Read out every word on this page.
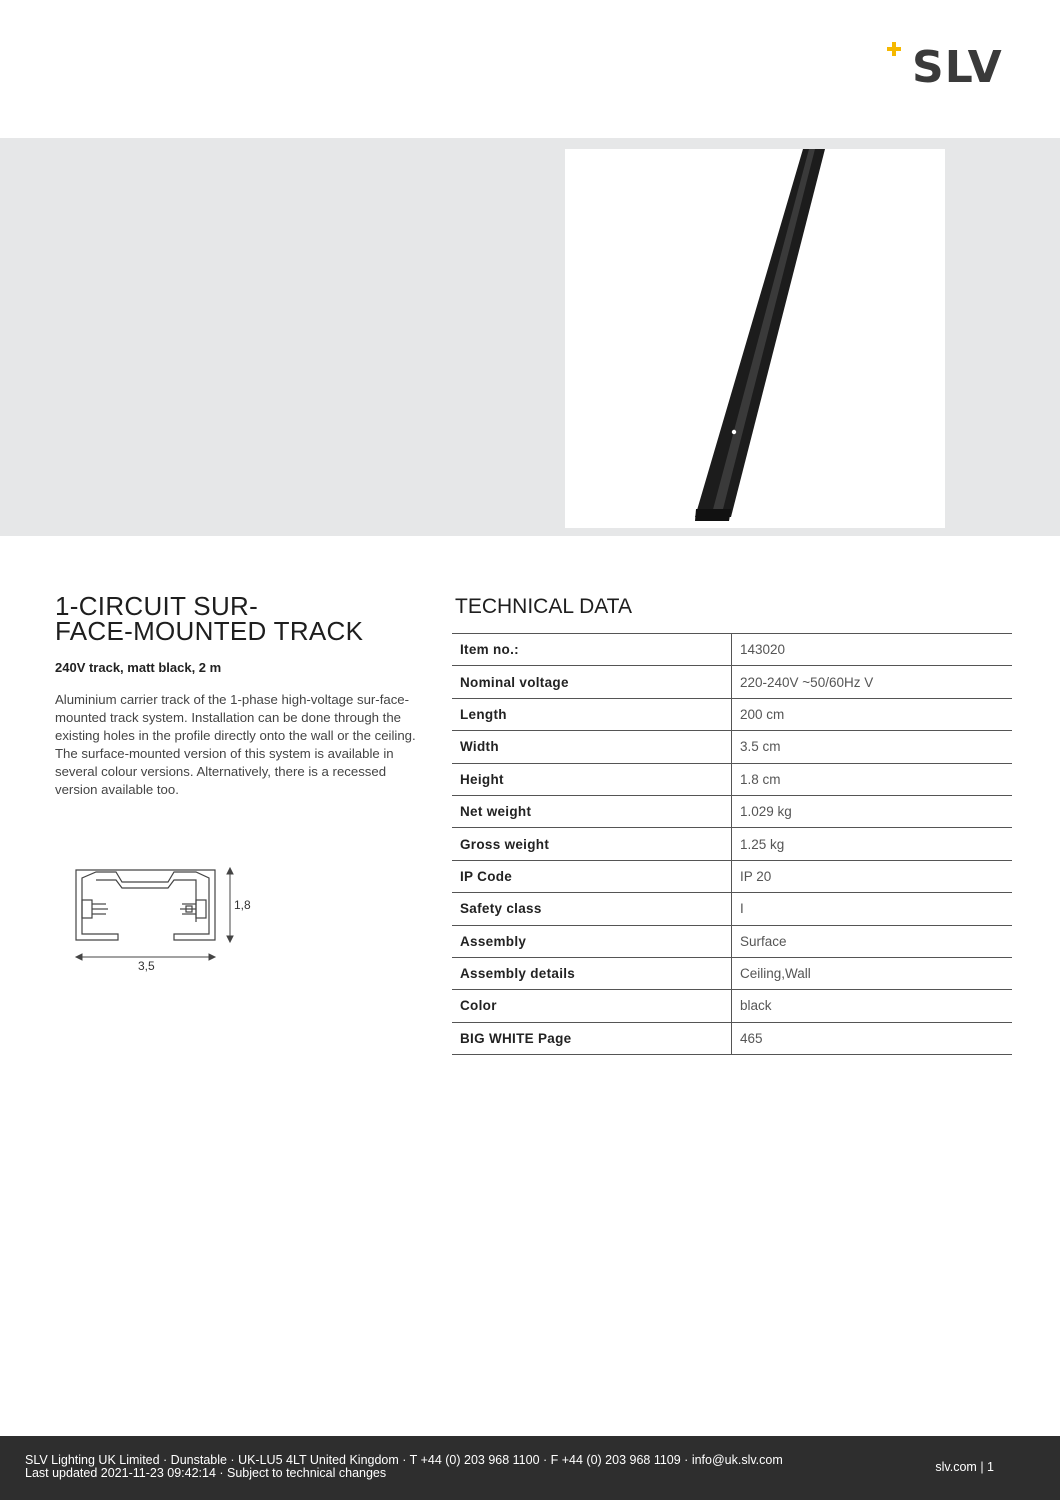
SLV
1-CIRCUIT SUR-
FACE-MOUNTED TRACK
240V track, matt black, 2 m

Aluminium carrier track of the 1-phase high-voltage sur-face-mounted track system. Installation can be done through the existing holes in the profile directly onto the wall or the ceiling. The surface-mounted version of this system is available in several colour versions. Alternatively, there is a recessed version available too.

1,8
3,5
TECHNICAL DATA
Item no.:	143020
Nominal voltage	220-240V ~50/60Hz V
Length	200 cm
Width	3.5 cm
Height	1.8 cm
Net weight	1.029 kg
Gross weight	1.25 kg
IP Code	IP 20
Safety class	I
Assembly	Surface
Assembly details	Ceiling,Wall
Color	black
BIG WHITE Page	465
SLV Lighting UK Limited · Dunstable · UK-LU5 4LT United Kingdom · T +44 (0) 203 968 1100 · F +44 (0) 203 968 1109 · info@uk.slv.com
Last updated 2021-11-23 09:42:14 · Subject to technical changes	slv.com | 1
